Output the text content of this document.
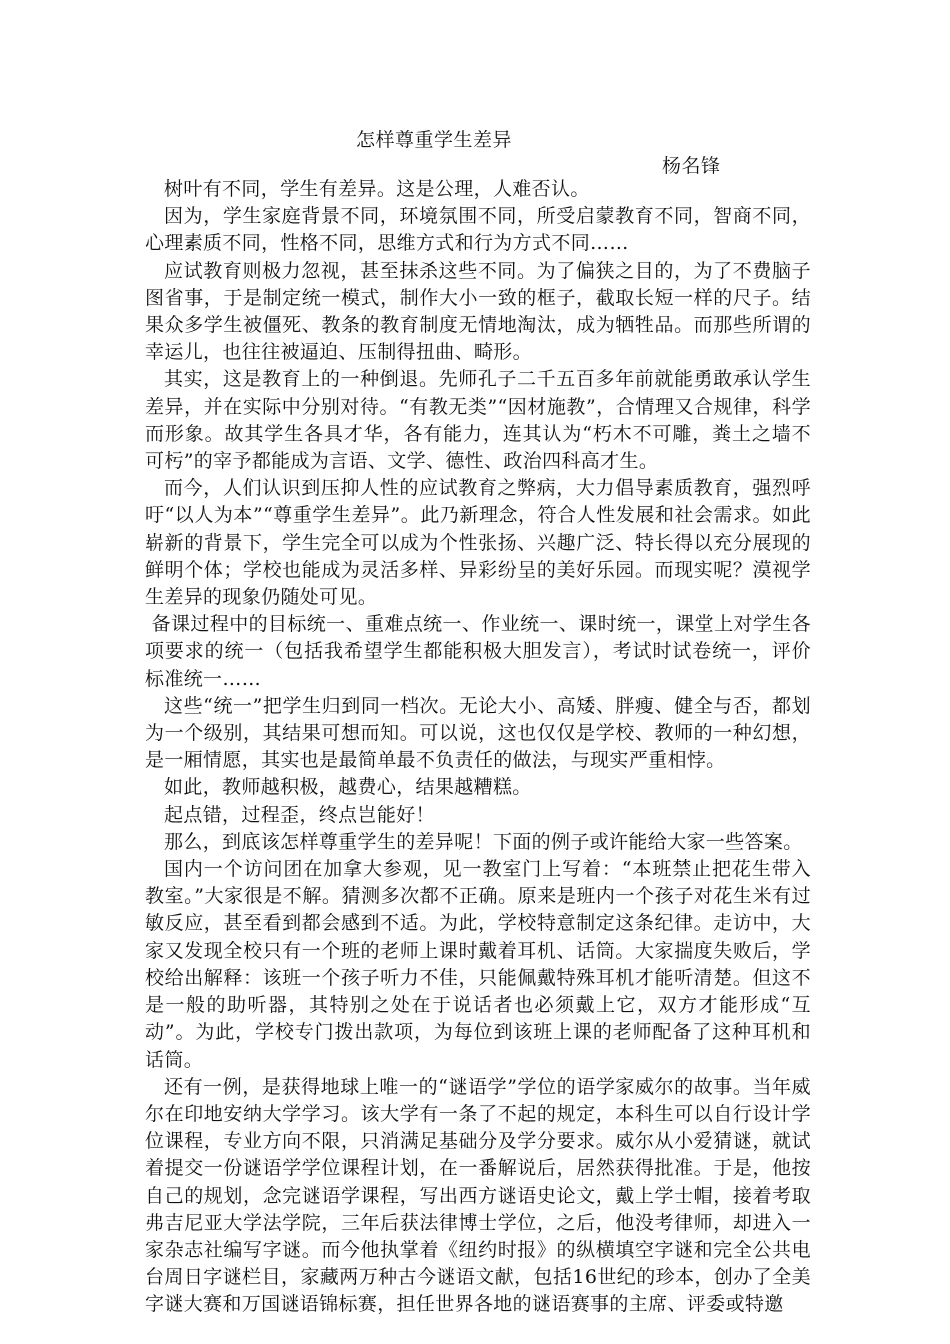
怎样尊重学生差异
杨名锋

树叶有不同，学生有差异。这是公理，人难否认。

因为，学生家庭背景不同，环境氛围不同，所受启蒙教育不同，智商不同，心理素质不同，性格不同，思维方式和行为方式不同……

应试教育则极力忽视，甚至抹杀这些不同。为了偏狭之目的，为了不费脑子图省事，于是制定统一模式，制作大小一致的框子，截取长短一样的尺子。结果众多学生被僵死、教条的教育制度无情地淘汰，成为牺牲品。而那些所谓的幸运儿，也往往被逼迫、压制得扭曲、畸形。

其实，这是教育上的一种倒退。先师孔子二千五百多年前就能勇敢承认学生差异，并在实际中分别对待。“有教无类”“因材施教”，合情理又合规律，科学而形象。故其学生各具才华，各有能力，连其认为“朽木不可雕，粪土之墙不可杇”的宰予都能成为言语、文学、德性、政治四科高才生。

而今，人们认识到压抑人性的应试教育之弊病，大力倡导素质教育，强烈呼吁“以人为本”“尊重学生差异”。此乃新理念，符合人性发展和社会需求。如此崭新的背景下，学生完全可以成为个性张扬、兴趣广泛、特长得以充分展现的鲜明个体；学校也能成为灵活多样、异彩纷呈的美好乐园。而现实呢？漠视学生差异的现象仍随处可见。

备课过程中的目标统一、重难点统一、作业统一、课时统一，课堂上对学生各项要求的统一（包括我希望学生都能积极大胆发言），考试时试卷统一，评价标准统一……

这些“统一”把学生归到同一档次。无论大小、高矮、胖瘦、健全与否，都划为一个级别，其结果可想而知。可以说，这也仅仅是学校、教师的一种幻想，是一厢情愿，其实也是最简单最不负责任的做法，与现实严重相悖。

如此，教师越积极，越费心，结果越糟糕。

起点错，过程歪，终点岂能好！

那么，到底该怎样尊重学生的差异呢！下面的例子或许能给大家一些答案。

国内一个访问团在加拿大参观，见一教室门上写着：“本班禁止把花生带入教室。”大家很是不解。猜测多次都不正确。原来是班内一个孩子对花生米有过敏反应，甚至看到都会感到不适。为此，学校特意制定这条纪律。走访中，大家又发现全校只有一个班的老师上课时戴着耳机、话筒。大家揣度失败后，学校给出解释：该班一个孩子听力不佳，只能佩戴特殊耳机才能听清楚。但这不是一般的助听器，其特别之处在于说话者也必须戴上它，双方才能形成“互动”。为此，学校专门拨出款项，为每位到该班上课的老师配备了这种耳机和话筒。

还有一例，是获得地球上唯一的“谜语学”学位的语学家威尔的故事。当年威尔在印地安纳大学学习。该大学有一条了不起的规定，本科生可以自行设计学位课程，专业方向不限，只消满足基础分及学分要求。威尔从小爱猜谜，就试着提交一份谜语学学位课程计划，在一番解说后，居然获得批准。于是，他按自己的规划，念完谜语学课程，写出西方谜语史论文，戴上学士帽，接着考取弗吉尼亚大学法学院，三年后获法律博士学位，之后，他没考律师，却进入一家杂志社编写字谜。而今他执掌着《纽约时报》的纵横填空字谜和完全公共电台周日字谜栏目，家藏两万种古今谜语文献，包括16世纪的珍本，创办了全美字谜大赛和万国谜语锦标赛，担任世界各地的谜语赛事的主席、评委或特邀
